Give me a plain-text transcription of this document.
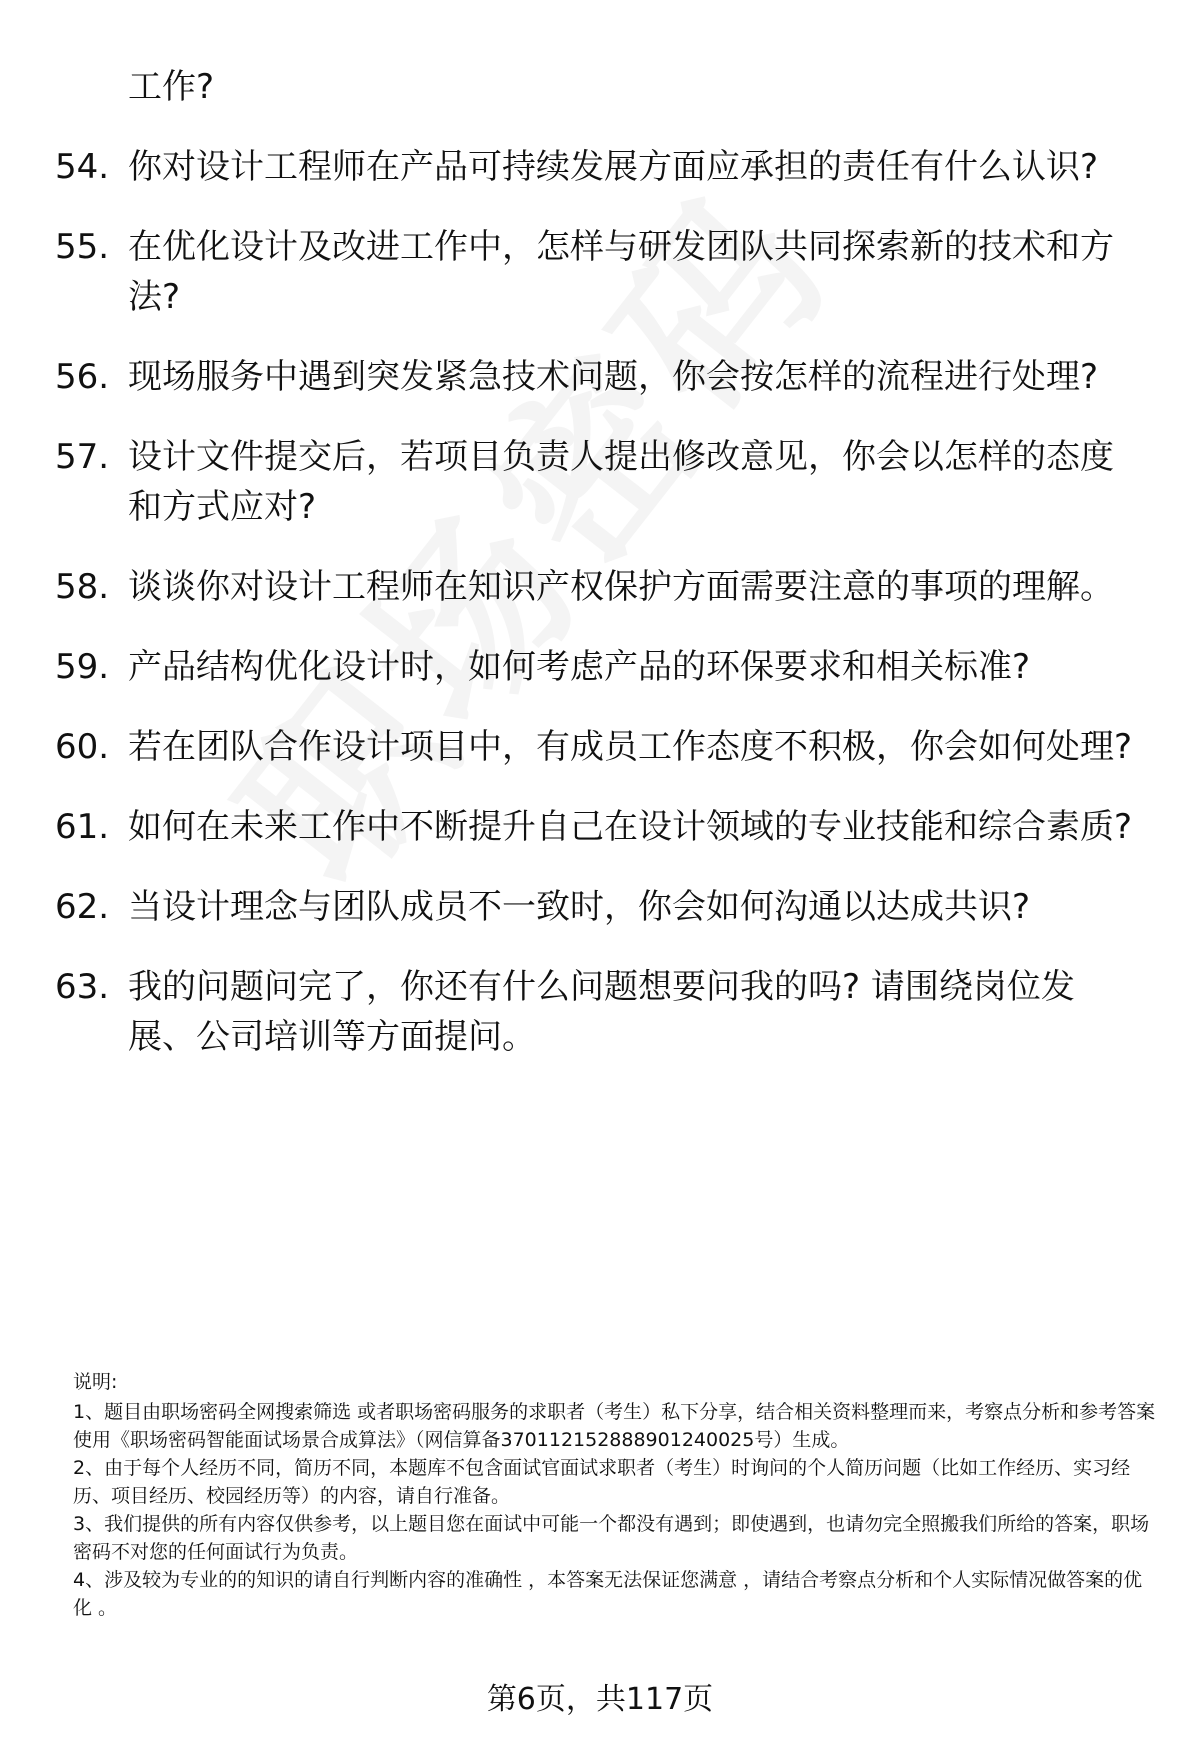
工作?
54. 你对设计工程师在产品可持续发展方面应承担的责任有什么认识?
55. 在优化设计及改进工作中，怎样与研发团队共同探索新的技术和方法?
56. 现场服务中遇到突发紧急技术问题，你会按怎样的流程进行处理?
57. 设计文件提交后，若项目负责人提出修改意见，你会以怎样的态度和方式应对?
58. 谈谈你对设计工程师在知识产权保护方面需要注意的事项的理解。
59. 产品结构优化设计时，如何考虑产品的环保要求和相关标准?
60. 若在团队合作设计项目中，有成员工作态度不积极，你会如何处理?
61. 如何在未来工作中不断提升自己在设计领域的专业技能和综合素质?
62. 当设计理念与团队成员不一致时，你会如何沟通以达成共识?
63. 我的问题问完了，你还有什么问题想要问我的吗? 请围绕岗位发展、公司培训等方面提问。
说明:

1、题目由职场密码全网搜索筛选 或者职场密码服务的求职者（考生）私下分享，结合相关资料整理而来，考察点分析和参考答案使用《职场密码智能面试场景合成算法》（网信算备370112152888901240025号）生成。

2、由于每个人经历不同，简历不同，本题库不包含面试官面试求职者（考生）时询问的个人简历问题（比如工作经历、实习经历、项目经历、校园经历等）的内容，请自行准备。

3、我们提供的所有内容仅供参考，以上题目您在面试中可能一个都没有遇到；即使遇到，也请勿完全照搬我们所给的答案，职场密码不对您的任何面试行为负责。

4、涉及较为专业的的知识的请自行判断内容的准确性 ，本答案无法保证您满意 ，请结合考察点分析和个人实际情况做答案的优化 。

第6页，共117页
